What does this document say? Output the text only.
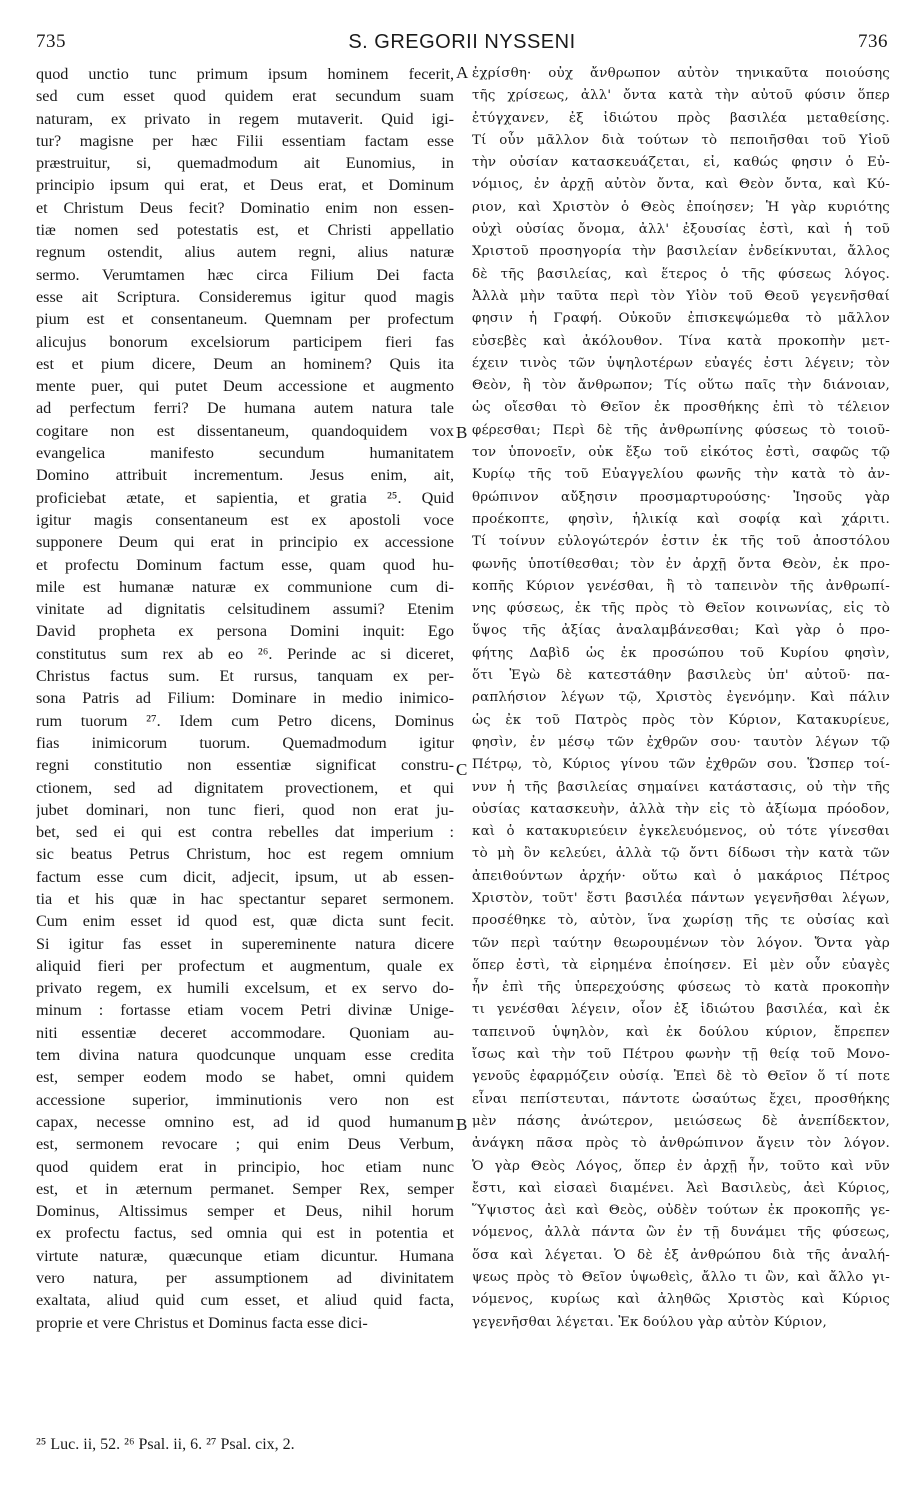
735	S. GREGORII NYSSENI	736
quod unctio tunc primum ipsum hominem fecerit,
sed cum esset quod quidem erat secundum suam
naturam, ex privato in regem mutaverit. Quid igi-
tur? magisne per hæc Filii essentiam factam esse
præstruitur, si, quemadmodum ait Eunomius, in
principio ipsum qui erat, et Deus erat, et Dominum
et Christum Deus fecit? Dominatio enim non essen-
tiæ nomen sed potestatis est, et Christi appellatio
regnum ostendit, alius autem regni, alius naturæ
sermo. Verumtamen hæc circa Filium Dei facta
esse ait Scriptura. Consideremus igitur quod magis
pium est et consentaneum. Quemnam per profectum
alicujus bonorum excelsiorum participem fieri fas
est et pium dicere, Deum an hominem? Quis ita
mente puer, qui putet Deum accessione et augmento
ad perfectum ferri? De humana autem natura tale
cogitare non est dissentaneum, quandoquidem vox
evangelica manifesto secundum humanitatem
Domino attribuit incrementum. Jesus enim, ait,
proficiebat ætate, et sapientia, et gratia ²⁵. Quid
igitur magis consentaneum est ex apostoli voce
supponere Deum qui erat in principio ex accessione
et profectu Dominum factum esse, quam quod hu-
mile est humanæ naturæ ex communione cum di-
vinitate ad dignitatis celsitudinem assumi? Etenim
David propheta ex persona Domini inquit: Ego
constitutus sum rex ab eo ²⁶. Perinde ac si diceret,
Christus factus sum. Et rursus, tanquam ex per-
sona Patris ad Filium: Dominare in medio inimico-
rum tuorum ²⁷. Idem cum Petro dicens, Dominus
fias inimicorum tuorum. Quemadmodum igitur
regni constitutio non essentiæ significat constru-
ctionem, sed ad dignitatem provectionem, et qui
jubet dominari, non tunc fieri, quod non erat ju-
bet, sed ei qui est contra rebelles dat imperium :
sic beatus Petrus Christum, hoc est regem omnium
factum esse cum dicit, adjecit, ipsum, ut ab essen-
tia et his quæ in hac spectantur separet sermonem.
Cum enim esset id quod est, quæ dicta sunt fecit.
Si igitur fas esset in supereminente natura dicere
aliquid fieri per profectum et augmentum, quale ex
privato regem, ex humili excelsum, et ex servo do-
minum : fortasse etiam vocem Petri divinæ Unige-
niti essentiæ deceret accommodare. Quoniam au-
tem divina natura quodcunque unquam esse credita
est, semper eodem modo se habet, omni quidem
accessione superior, imminutionis vero non est
capax, necesse omnino est, ad id quod humanum
est, sermonem revocare ; qui enim Deus Verbum,
quod quidem erat in principio, hoc etiam nunc
est, et in æternum permanet. Semper Rex, semper
Dominus, Altissimus semper et Deus, nihil horum
ex profectu factus, sed omnia qui est in potentia et
virtute naturæ, quæcunque etiam dicuntur. Humana
vero natura, per assumptionem ad divinitatem
exaltata, aliud quid cum esset, et aliud quid facta,
proprie et vere Christus et Dominus facta esse dici-
ἐχρίσθη· οὐχ ἄνθρωπον αὐτὸν τηνικαῦτα ποιούσης
τῆς χρίσεως, ἀλλ' ὄντα κατὰ τὴν αὐτοῦ φύσιν ὅπερ
ἐτύγχανεν, ἐξ ἰδιώτου πρὸς βασιλέα μεταθείσης.
Τί οὖν μᾶλλον διὰ τούτων τὸ πεποιῆσθαι τοῦ Υἱοῦ
τὴν οὐσίαν κατασκευάζεται, εἰ, καθώς φησιν ὁ Εὐ-
νόμιος, ἐν ἀρχῇ αὐτὸν ὄντα, καὶ Θεὸν ὄντα, καὶ Κύ-
ριον, καὶ Χριστὸν ὁ Θεὸς ἐποίησεν; Ἡ γὰρ κυριότης
οὐχὶ οὐσίας ὄνομα, ἀλλ' ἐξουσίας ἐστὶ, καὶ ἡ τοῦ
Χριστοῦ προσηγορία τὴν βασιλείαν ἐνδείκνυται, ἄλλος
δὲ τῆς βασιλείας, καὶ ἕτερος ὁ τῆς φύσεως λόγος.
Ἀλλὰ μὴν ταῦτα περὶ τὸν Υἱὸν τοῦ Θεοῦ γεγενῆσθαί
φησιν ἡ Γραφή. Οὐκοῦν ἐπισκεψώμεθα τὸ μᾶλλον
εὐσεβὲς καὶ ἀκόλουθον. Τίνα κατὰ προκοπὴν μετ-
έχειν τινὸς τῶν ὑψηλοτέρων εὐαγές ἐστι λέγειν; τὸν
Θεὸν, ἢ τὸν ἄνθρωπον; Τίς οὕτω παῖς τὴν διάνοιαν,
ὡς οἴεσθαι τὸ Θεῖον ἐκ προσθήκης ἐπὶ τὸ τέλειον
φέρεσθαι; Περὶ δὲ τῆς ἀνθρωπίνης φύσεως τὸ τοιοῦ-
τον ὑπονοεῖν, οὐκ ἔξω τοῦ εἰκότος ἐστὶ, σαφῶς τῷ
Κυρίῳ τῆς τοῦ Εὐαγγελίου φωνῆς τὴν κατὰ τὸ ἀν-
θρώπινον αὔξησιν προσμαρτυρούσης· Ἰησοῦς γὰρ
προέκοπτε, φησὶν, ἡλικίᾳ καὶ σοφίᾳ καὶ χάριτι.
Τί τοίνυν εὐλογώτερόν ἐστιν ἐκ τῆς τοῦ ἀποστόλου
φωνῆς ὑποτίθεσθαι; τὸν ἐν ἀρχῇ ὄντα Θεὸν, ἐκ προ-
κοπῆς Κύριον γενέσθαι, ἢ τὸ ταπεινὸν τῆς ἀνθρωπί-
νης φύσεως, ἐκ τῆς πρὸς τὸ Θεῖον κοινωνίας, εἰς τὸ
ὕψος τῆς ἀξίας ἀναλαμβάνεσθαι; Καὶ γὰρ ὁ προ-
φήτης Δαβὶδ ὡς ἐκ προσώπου τοῦ Κυρίου φησὶν,
ὅτι Ἐγὼ δὲ κατεστάθην βασιλεὺς ὑπ' αὐτοῦ· πα-
ραπλήσιον λέγων τῷ, Χριστὸς ἐγενόμην. Καὶ πάλιν
ὡς ἐκ τοῦ Πατρὸς πρὸς τὸν Κύριον, Κατακυρίευε,
φησὶν, ἐν μέσῳ τῶν ἐχθρῶν σου· ταυτὸν λέγων τῷ
Πέτρῳ, τὸ, Κύριος γίνου τῶν ἐχθρῶν σου. Ὥσπερ τοί-
νυν ἡ τῆς βασιλείας σημαίνει κατάστασις, οὐ τὴν τῆς
οὐσίας κατασκευὴν, ἀλλὰ τὴν εἰς τὸ ἀξίωμα πρόοδον,
καὶ ὁ κατακυριεύειν ἐγκελευόμενος, οὐ τότε γίνεσθαι
τὸ μὴ ὂν κελεύει, ἀλλὰ τῷ ὄντι δίδωσι τὴν κατὰ τῶν
ἀπειθούντων ἀρχήν· οὕτω καὶ ὁ μακάριος Πέτρος
Χριστὸν, τοῦτ' ἔστι βασιλέα πάντων γεγενῆσθαι λέγων,
προσέθηκε τὸ, αὐτὸν, ἵνα χωρίσῃ τῆς τε οὐσίας καὶ
τῶν περὶ ταύτην θεωρουμένων τὸν λόγον. Ὄντα γὰρ
ὅπερ ἐστὶ, τὰ εἰρημένα ἐποίησεν. Εἰ μὲν οὖν εὐαγὲς
ἦν ἐπὶ τῆς ὑπερεχούσης φύσεως τὸ κατὰ προκοπὴν
τι γενέσθαι λέγειν, οἷον ἐξ ἰδιώτου βασιλέα, καὶ ἐκ
ταπεινοῦ ὑψηλὸν, καὶ ἐκ δούλου κύριον, ἔπρεπεν
ἴσως καὶ τὴν τοῦ Πέτρου φωνὴν τῇ θείᾳ τοῦ Μονο-
γενοῦς ἐφαρμόζειν οὐσίᾳ. Ἐπεὶ δὲ τὸ Θεῖον ὅ τί ποτε
εἶναι πεπίστευται, πάντοτε ὡσαύτως ἔχει, προσθήκης
μὲν πάσης ἀνώτερον, μειώσεως δὲ ἀνεπίδεκτον,
ἀνάγκη πᾶσα πρὸς τὸ ἀνθρώπινον ἄγειν τὸν λόγον.
Ὁ γὰρ Θεὸς Λόγος, ὅπερ ἐν ἀρχῇ ἦν, τοῦτο καὶ νῦν
ἔστι, καὶ εἰσαεὶ διαμένει. Ἀεὶ Βασιλεὺς, ἀεὶ Κύριος,
Ὕψιστος ἀεὶ καὶ Θεὸς, οὐδὲν τούτων ἐκ προκοπῆς γε-
νόμενος, ἀλλὰ πάντα ὢν ἐν τῇ δυνάμει τῆς φύσεως,
ὅσα καὶ λέγεται. Ὁ δὲ ἐξ ἀνθρώπου διὰ τῆς ἀναλή-
ψεως πρὸς τὸ Θεῖον ὑψωθεὶς, ἄλλο τι ὢν, καὶ ἄλλο γι-
νόμενος, κυρίως καὶ ἀληθῶς Χριστὸς καὶ Κύριος
γεγενῆσθαι λέγεται. Ἐκ δούλου γὰρ αὐτὸν Κύριον,
A
B
C
B
²⁵ Luc. ii, 52. ²⁶ Psal. ii, 6. ²⁷ Psal. cix, 2.
